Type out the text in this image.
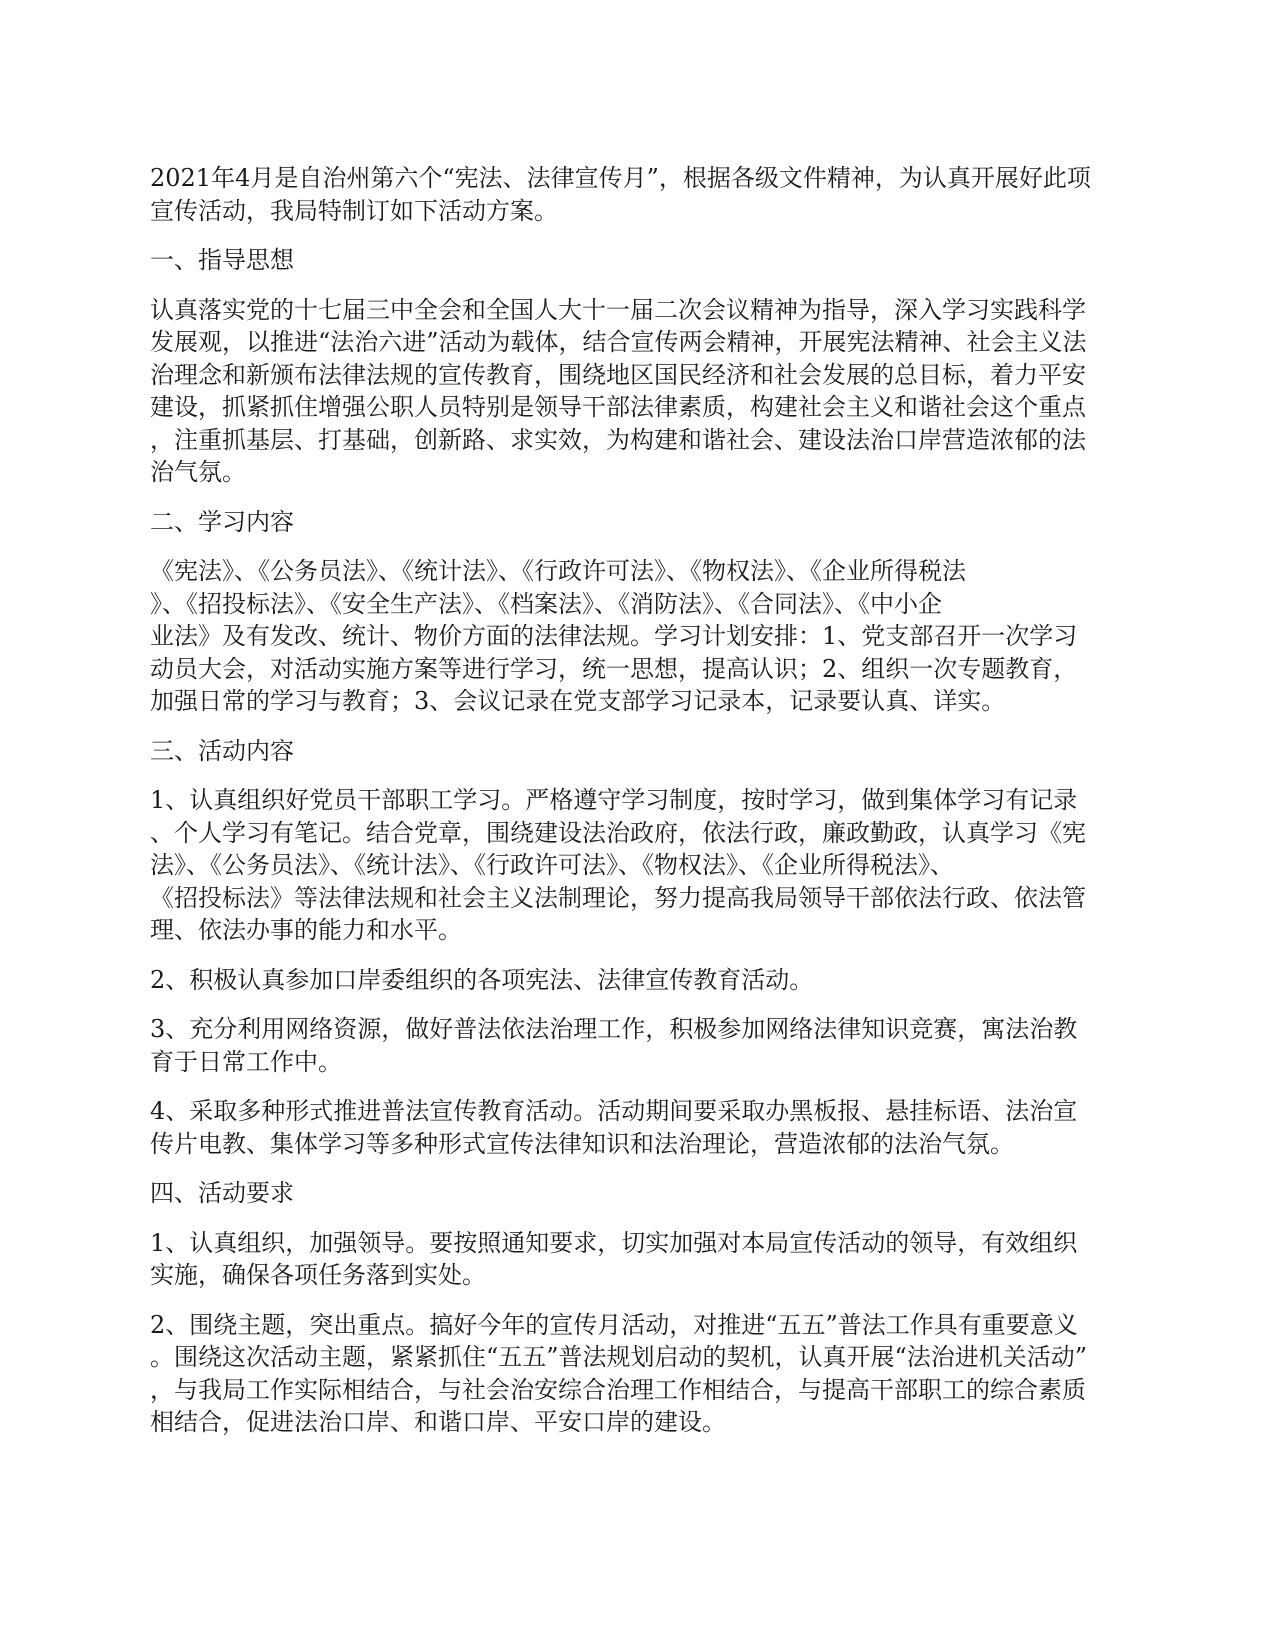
2021年4月是自治州第六个“宪法、法律宣传月”，根据各级文件精神，为认真开展好此项
宣传活动，我局特制订如下活动方案。

一、指导思想

认真落实党的十七届三中全会和全国人大十一届二次会议精神为指导，深入学习实践科学
发展观，以推进“法治六进”活动为载体，结合宣传两会精神，开展宪法精神、社会主义法
治理念和新颁布法律法规的宣传教育，围绕地区国民经济和社会发展的总目标，着力平安
建设，抓紧抓住增强公职人员特别是领导干部法律素质，构建社会主义和谐社会这个重点
，注重抓基层、打基础，创新路、求实效，为构建和谐社会、建设法治口岸营造浓郁的法
治气氛。

二、学习内容

《宪法》、《公务员法》、《统计法》、《行政许可法》、《物权法》、《企业所得税法
》、《招投标法》、《安全生产法》、《档案法》、《消防法》、《合同法》、《中小企
业法》及有发改、统计、物价方面的法律法规。学习计划安排：1、党支部召开一次学习
动员大会，对活动实施方案等进行学习，统一思想，提高认识；2、组织一次专题教育，
加强日常的学习与教育；3、会议记录在党支部学习记录本，记录要认真、详实。

三、活动内容

1、认真组织好党员干部职工学习。严格遵守学习制度，按时学习，做到集体学习有记录
、个人学习有笔记。结合党章，围绕建设法治政府，依法行政，廉政勤政，认真学习《宪
法》、《公务员法》、《统计法》、《行政许可法》、《物权法》、《企业所得税法》、
《招投标法》等法律法规和社会主义法制理论，努力提高我局领导干部依法行政、依法管
理、依法办事的能力和水平。

2、积极认真参加口岸委组织的各项宪法、法律宣传教育活动。

3、充分利用网络资源，做好普法依法治理工作，积极参加网络法律知识竞赛，寓法治教
育于日常工作中。

4、采取多种形式推进普法宣传教育活动。活动期间要采取办黑板报、悬挂标语、法治宣
传片电教、集体学习等多种形式宣传法律知识和法治理论，营造浓郁的法治气氛。

四、活动要求

1、认真组织，加强领导。要按照通知要求，切实加强对本局宣传活动的领导，有效组织
实施，确保各项任务落到实处。

2、围绕主题，突出重点。搞好今年的宣传月活动，对推进“五五”普法工作具有重要意义
。围绕这次活动主题，紧紧抓住“五五”普法规划启动的契机，认真开展“法治进机关活动”
，与我局工作实际相结合，与社会治安综合治理工作相结合，与提高干部职工的综合素质
相结合，促进法治口岸、和谐口岸、平安口岸的建设。
